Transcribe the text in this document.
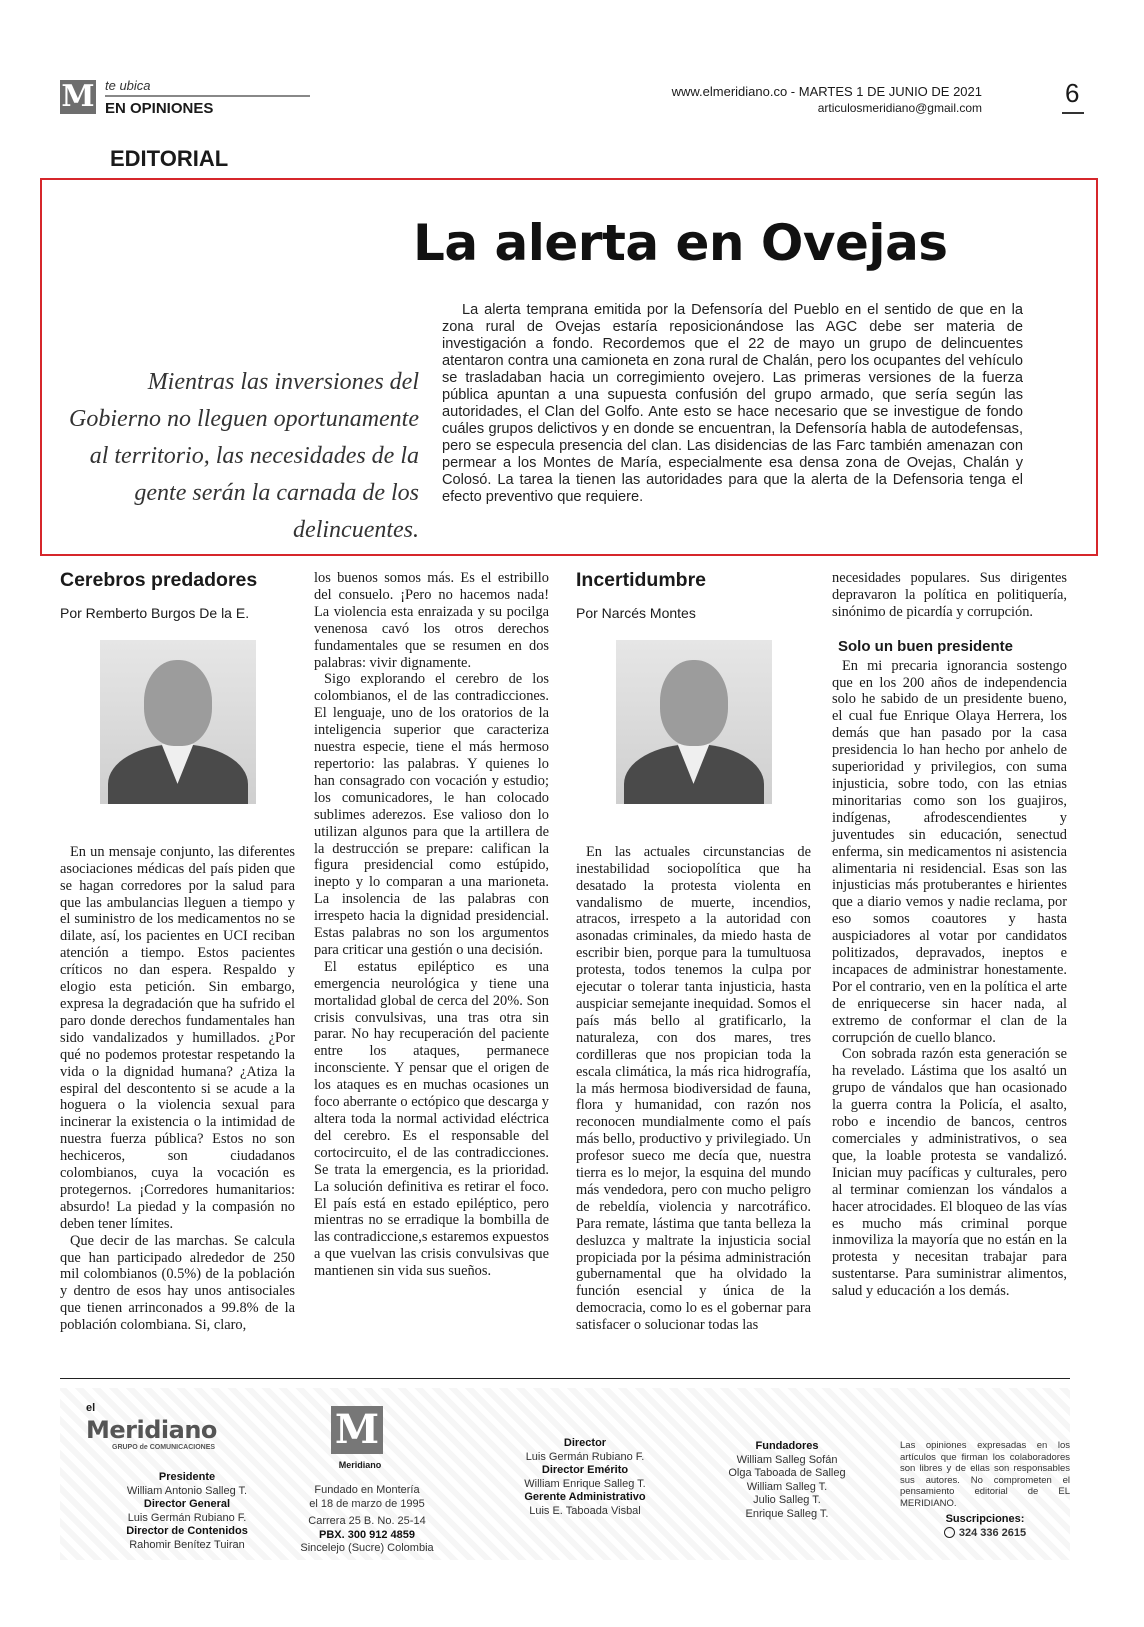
M te ubica
EN OPINIONES
www.elmeridiano.co - MARTES 1 DE JUNIO DE 2021
articulosmeridiano@gmail.com	6
EDITORIAL
La alerta en Ovejas
Mientras las inversiones del Gobierno no lleguen oportunamente al territorio, las necesidades de la gente serán la carnada de los delincuentes.
La alerta temprana emitida por la Defensoría del Pueblo en el sentido de que en la zona rural de Ovejas estaría reposicionándose las AGC debe ser materia de investigación a fondo. Recordemos que el 22 de mayo un grupo de delincuentes atentaron contra una camioneta en zona rural de Chalán, pero los ocupantes del vehículo se trasladaban hacia un corregimiento ovejero. Las primeras versiones de la fuerza pública apuntan a una supuesta confusión del grupo armado, que sería según las autoridades, el Clan del Golfo. Ante esto se hace necesario que se investigue de fondo cuáles grupos delictivos y en donde se encuentran, la Defensoría habla de autodefensas, pero se especula presencia del clan. Las disidencias de las Farc también amenazan con permear a los Montes de María, especialmente esa densa zona de Ovejas, Chalán y Colosó. La tarea la tienen las autoridades para que la alerta de la Defensoria tenga el efecto preventivo que requiere.
Cerebros predadores
Por Remberto Burgos De la E.

En un mensaje conjunto, las diferentes asociaciones médicas del país piden que se hagan corredores por la salud para que las ambulancias lleguen a tiempo y el suministro de los medicamentos no se dilate, así, los pacientes en UCI reciban atención a tiempo. Estos pacientes críticos no dan espera. Respaldo y elogio esta petición. Sin embargo, expresa la degradación que ha sufrido el paro donde derechos fundamentales han sido vandalizados y humillados. ¿Por qué no podemos protestar respetando la vida o la dignidad humana? ¿Atiza la espiral del descontento si se acude a la hoguera o la violencia sexual para incinerar la existencia o la intimidad de nuestra fuerza pública? Estos no son hechiceros, son ciudadanos colombianos, cuya la vocación es protegernos. ¡Corredores humanitarios: absurdo! La piedad y la compasión no deben tener límites.

Que decir de las marchas. Se calcula que han participado alrededor de 250 mil colombianos (0.5%) de la población y dentro de esos hay unos antisociales que tienen arrinconados a 99.8% de la población colombiana. Si, claro,

los buenos somos más. Es el estribillo del consuelo. ¡Pero no hacemos nada! La violencia esta enraizada y su pocilga venenosa cavó los otros derechos fundamentales que se resumen en dos palabras: vivir dignamente.

Sigo explorando el cerebro de los colombianos, el de las contradicciones. El lenguaje, uno de los oratorios de la inteligencia superior que caracteriza nuestra especie, tiene el más hermoso repertorio: las palabras. Y quienes lo han consagrado con vocación y estudio; los comunicadores, le han colocado sublimes aderezos. Ese valioso don lo utilizan algunos para que la artillera de la destrucción se prepare: califican la figura presidencial como estúpido, inepto y lo comparan a una marioneta. La insolencia de las palabras con irrespeto hacia la dignidad presidencial. Estas palabras no son los argumentos para criticar una gestión o una decisión.

El estatus epiléptico es una emergencia neurológica y tiene una mortalidad global de cerca del 20%. Son crisis convulsivas, una tras otra sin parar. No hay recuperación del paciente entre los ataques, permanece inconsciente. Y pensar que el origen de los ataques es en muchas ocasiones un foco aberrante o ectópico que descarga y altera toda la normal actividad eléctrica del cerebro. Es el responsable del cortocircuito, el de las contradicciones. Se trata la emergencia, es la prioridad. La solución definitiva es retirar el foco. El país está en estado epiléptico, pero mientras no se erradique la bombilla de las contradiccione,s estaremos expuestos a que vuelvan las crisis convulsivas que mantienen sin vida sus sueños.

Incertidumbre
Por Narcés Montes

En las actuales circunstancias de inestabilidad sociopolítica que ha desatado la protesta violenta en vandalismo de muerte, incendios, atracos, irrespeto a la autoridad con asonadas criminales, da miedo hasta de escribir bien, porque para la tumultuosa protesta, todos tenemos la culpa por ejecutar o tolerar tanta injusticia, hasta auspiciar semejante inequidad. Somos el país más bello al gratificarlo, la naturaleza, con dos mares, tres cordilleras que nos propician toda la escala climática, la más rica hidrografía, la más hermosa biodiversidad de fauna, flora y humanidad, con razón nos reconocen mundialmente como el país más bello, productivo y privilegiado. Un profesor sueco me decía que, nuestra tierra es lo mejor, la esquina del mundo más vendedora, pero con mucho peligro de rebeldía, violencia y narcotráfico. Para remate, lástima que tanta belleza la desluzca y maltrate la injusticia social propiciada por la pésima administración gubernamental que ha olvidado la función esencial y única de la democracia, como lo es el gobernar para satisfacer o solucionar todas las

necesidades populares. Sus dirigentes depravaron la política en politiquería, sinónimo de picardía y corrupción.

Solo un buen presidente

En mi precaria ignorancia sostengo que en los 200 años de independencia solo he sabido de un presidente bueno, el cual fue Enrique Olaya Herrera, los demás que han pasado por la casa presidencia lo han hecho por anhelo de superioridad y privilegios, con suma injusticia, sobre todo, con las etnias minoritarias como son los guajiros, indígenas, afrodescendientes y juventudes sin educación, senectud enferma, sin medicamentos ni asistencia alimentaria ni residencial. Esas son las injusticias más protuberantes e hirientes que a diario vemos y nadie reclama, por eso somos coautores y hasta auspiciadores al votar por candidatos politizados, depravados, ineptos e incapaces de administrar honestamente. Por el contrario, ven en la política el arte de enriquecerse sin hacer nada, al extremo de conformar el clan de la corrupción de cuello blanco.

Con sobrada razón esta generación se ha revelado. Lástima que los asaltó un grupo de vándalos que han ocasionado la guerra contra la Policía, el asalto, robo e incendio de bancos, centros comerciales y administrativos, o sea que, la loable protesta se vandalizó. Inician muy pacíficas y culturales, pero al terminar comienzan los vándalos a hacer atrocidades. El bloqueo de las vías es mucho más criminal porque inmoviliza la mayoría que no están en la protesta y necesitan trabajar para sustentarse. Para suministrar alimentos, salud y educación a los demás.

el
Meridiano
GRUPO de COMUNICACIONES
Presidente
William Antonio Salleg T.
Director General
Luis Germán Rubiano F.
Director de Contenidos
Rahomir Benítez Tuiran
M
Meridiano
Fundado en Montería
el 18 de marzo de 1995
Carrera 25 B. No. 25-14
PBX. 300 912 4859
Sincelejo (Sucre) Colombia
Director
Luis Germán Rubiano F.
Director Emérito
William Enrique Salleg T.
Gerente Administrativo
Luis E. Taboada Visbal
Fundadores
William Salleg Sofán
Olga Taboada de Salleg
William Salleg T.
Julio Salleg T.
Enrique Salleg T.
Las opiniones expresadas en los artículos que firman los colaboradores son libres y de ellas son responsables sus autores. No comprometen el pensamiento editorial de EL MERIDIANO.
Suscripciones:
324 336 2615
